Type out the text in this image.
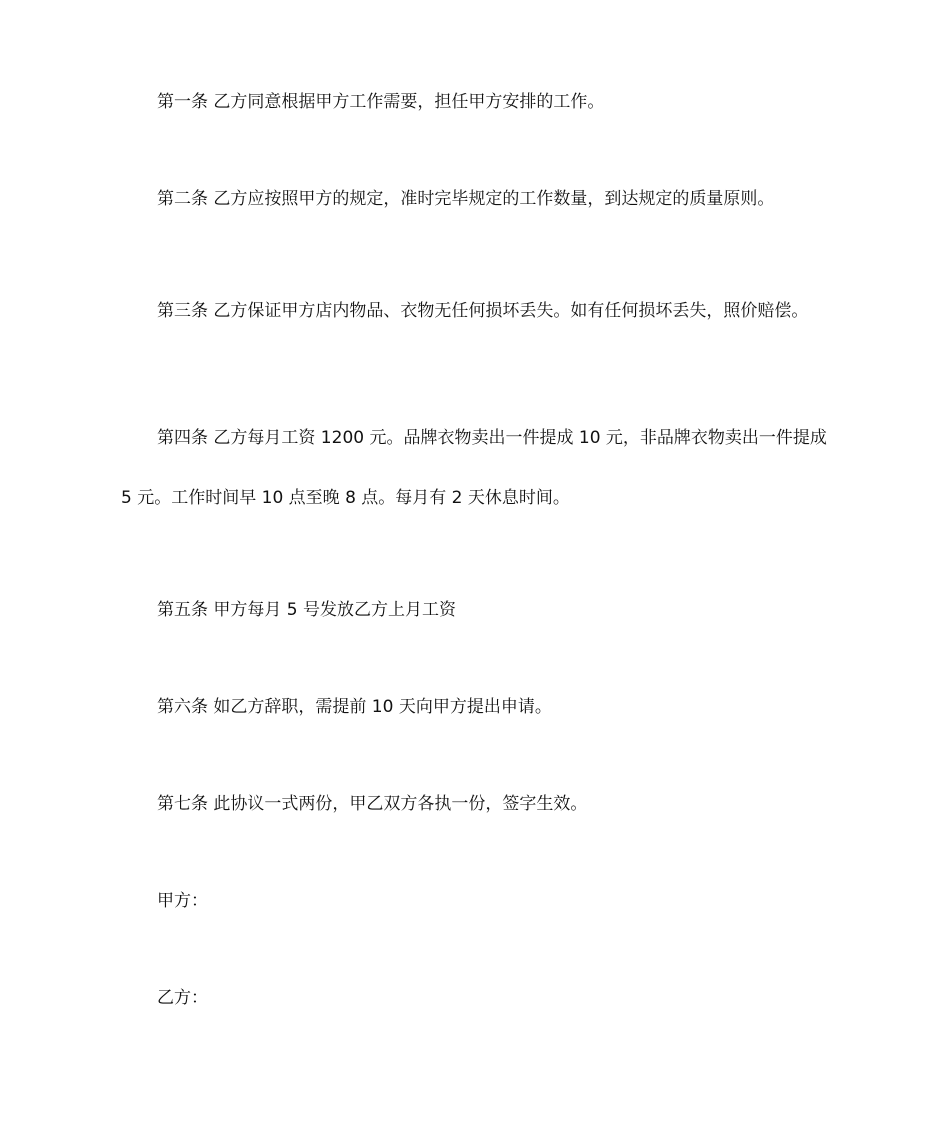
第一条 乙方同意根据甲方工作需要，担任甲方安排的工作。

第二条 乙方应按照甲方的规定，准时完毕规定的工作数量，到达规定的质量原则。

第三条 乙方保证甲方店内物品、衣物无任何损坏丢失。如有任何损坏丢失，照价赔偿。

第四条 乙方每月工资 1200 元。品牌衣物卖出一件提成 10 元，非品牌衣物卖出一件提成 5 元。工作时间早 10 点至晚 8 点。每月有 2 天休息时间。

第五条 甲方每月 5 号发放乙方上月工资

第六条 如乙方辞职，需提前 10 天向甲方提出申请。

第七条 此协议一式两份，甲乙双方各执一份，签字生效。

甲方：

乙方：
